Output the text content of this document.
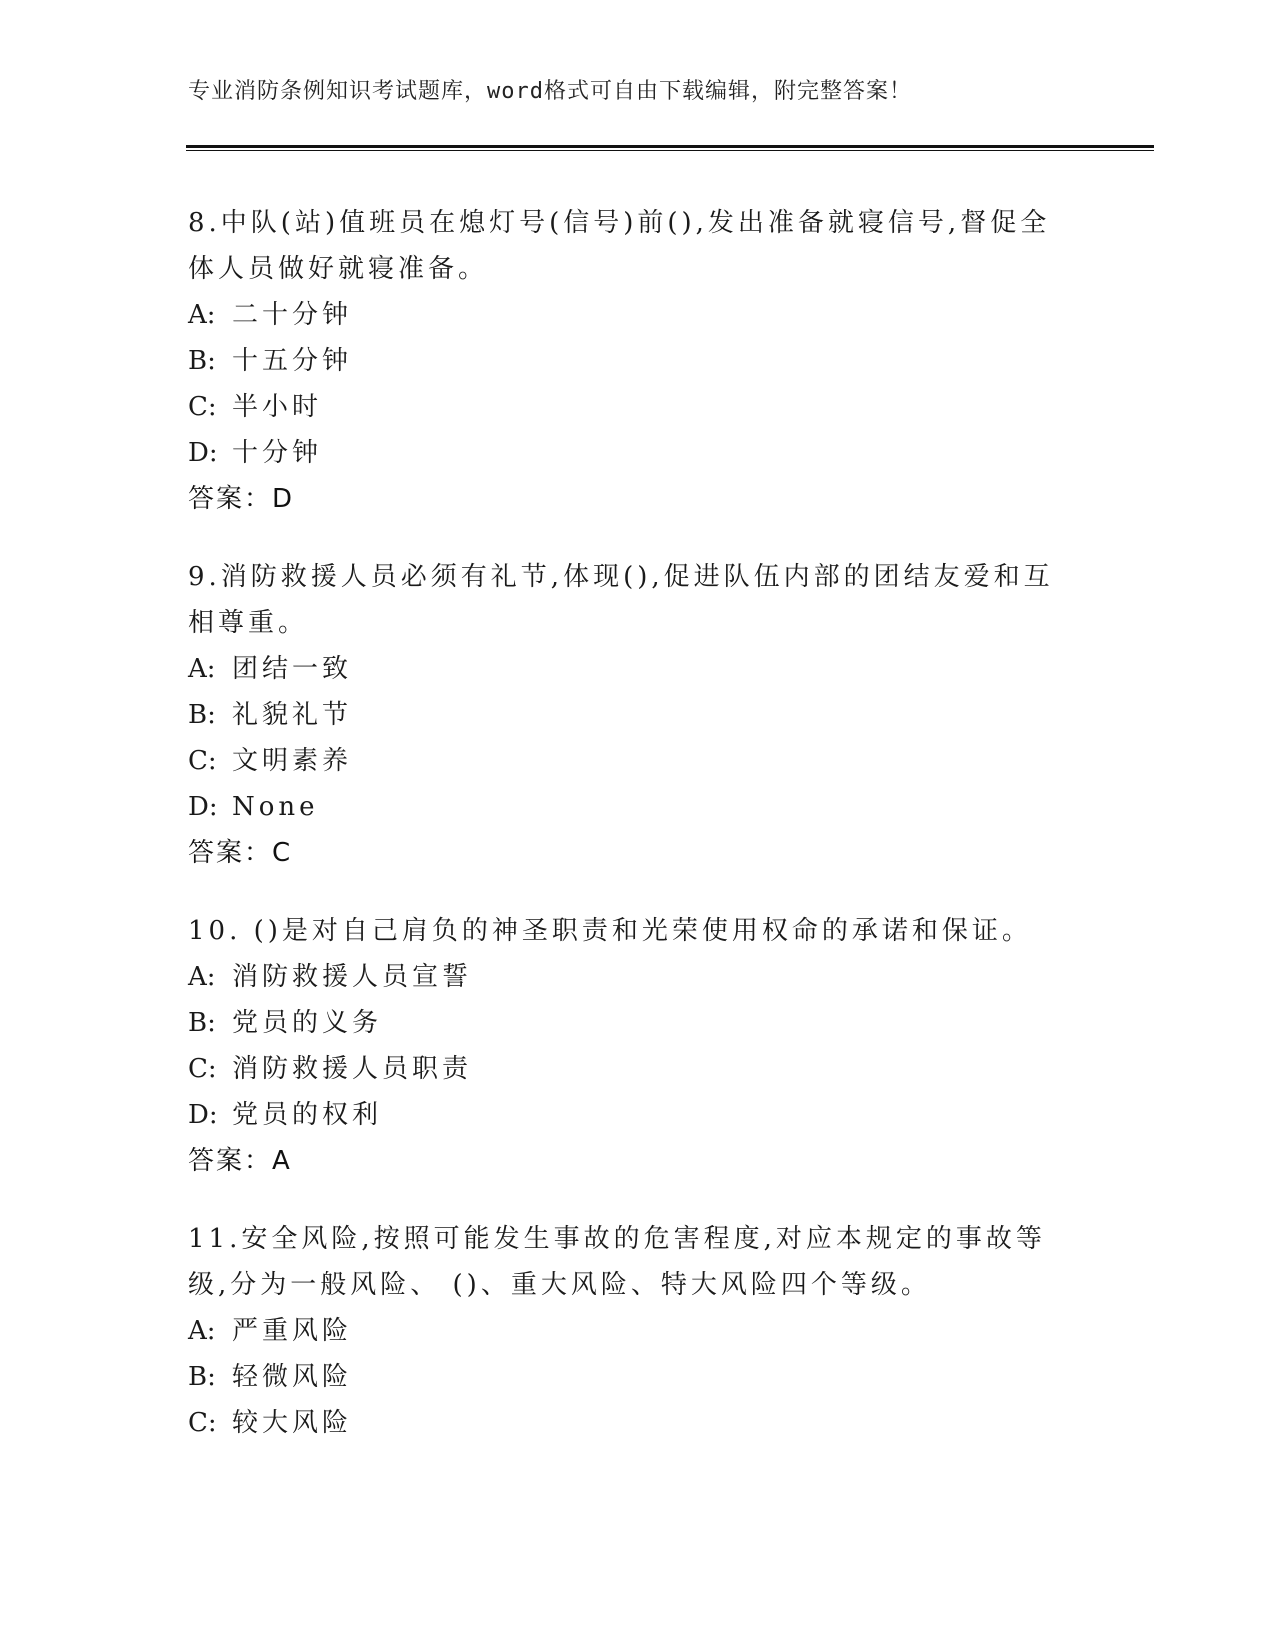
专业消防条例知识考试题库，word格式可自由下载编辑，附完整答案！

8.中队(站)值班员在熄灯号(信号)前(),发出准备就寝信号,督促全体人员做好就寝准备。

A: 二十分钟

B: 十五分钟

C: 半小时

D: 十分钟

答案：D

9.消防救援人员必须有礼节,体现(),促进队伍内部的团结友爱和互相尊重。

A: 团结一致

B: 礼貌礼节

C: 文明素养

D: None

答案：C

10. ()是对自己肩负的神圣职责和光荣使用权命的承诺和保证。

A: 消防救援人员宣誓

B: 党员的义务

C: 消防救援人员职责

D: 党员的权利

答案：A

11.安全风险,按照可能发生事故的危害程度,对应本规定的事故等级,分为一般风险、 ()、重大风险、特大风险四个等级。

A: 严重风险

B: 轻微风险

C: 较大风险
